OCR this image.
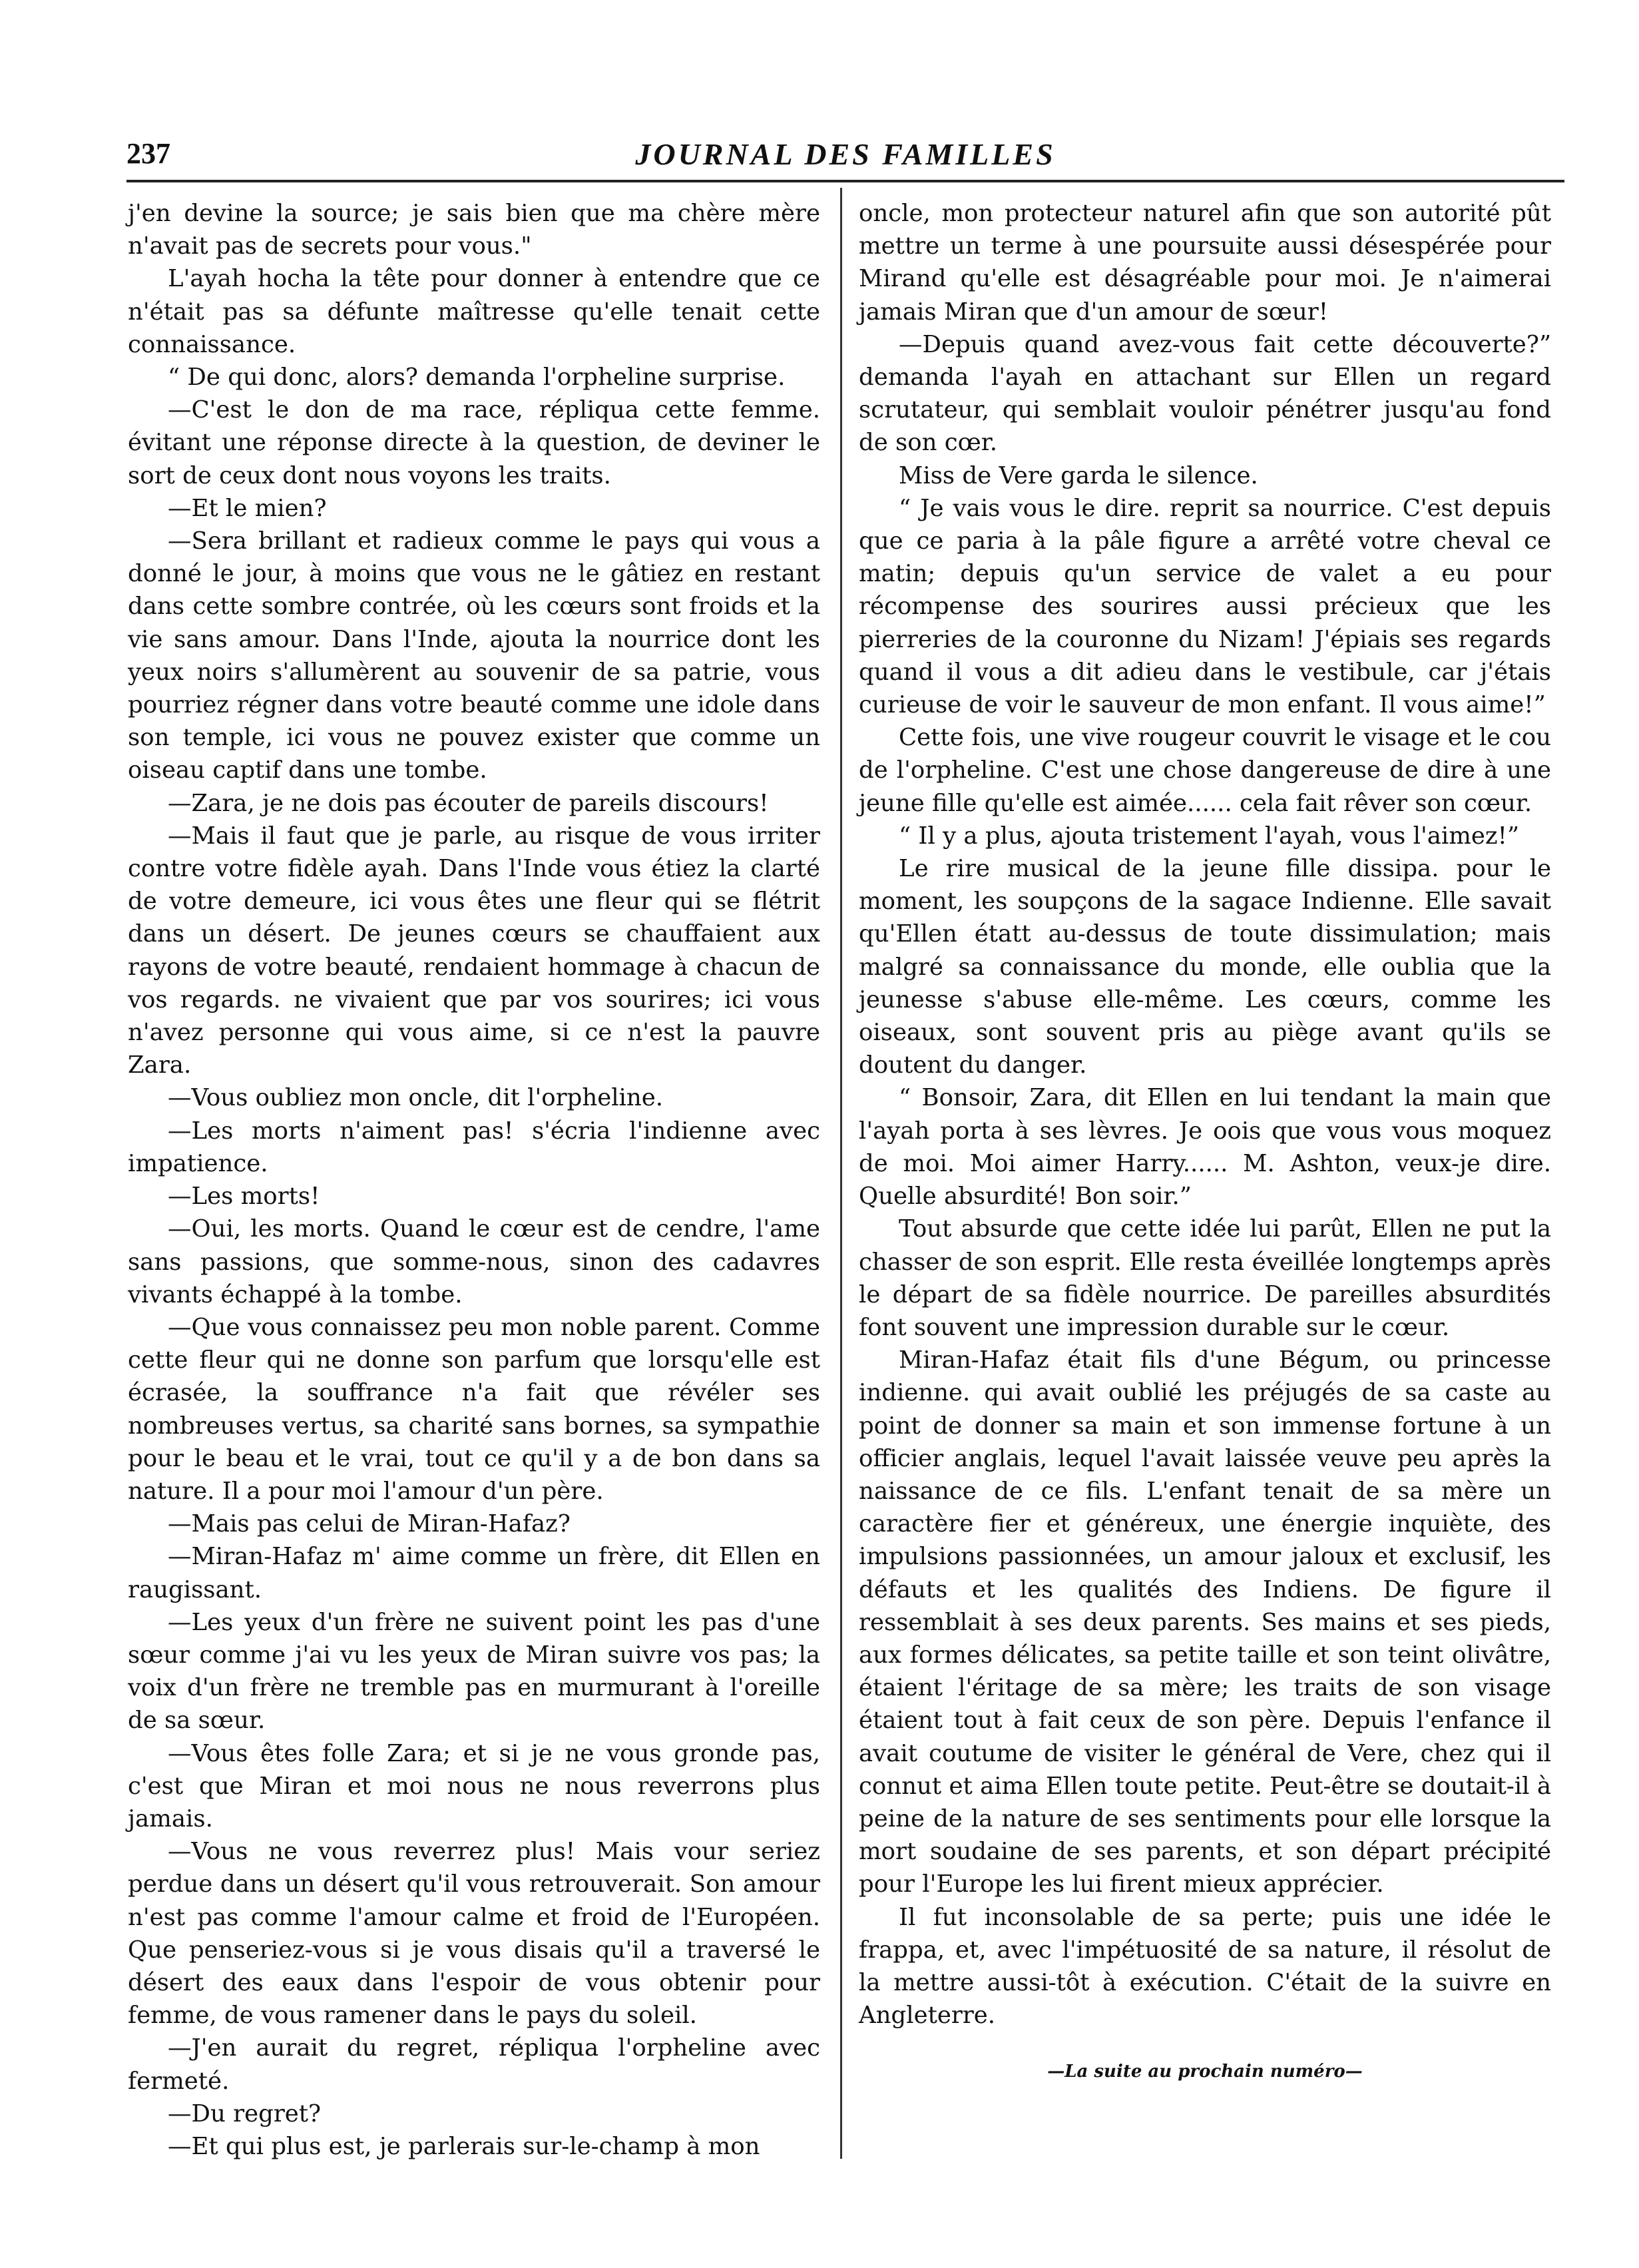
237	JOURNAL DES FAMILLES

j'en devine la source; je sais bien que ma chère mère n'avait pas de secrets pour vous."

L'ayah hocha la tête pour donner à entendre que ce n'était pas sa défunte maîtresse qu'elle tenait cette connaissance.

“ De qui donc, alors? demanda l'orpheline surprise.

—C'est le don de ma race, répliqua cette femme. évitant une réponse directe à la question, de deviner le sort de ceux dont nous voyons les traits.

—Et le mien?

—Sera brillant et radieux comme le pays qui vous a donné le jour, à moins que vous ne le gâtiez en restant dans cette sombre contrée, où les cœurs sont froids et la vie sans amour. Dans l'Inde, ajouta la nourrice dont les yeux noirs s'allumèrent au souvenir de sa patrie, vous pourriez régner dans votre beauté comme une idole dans son temple, ici vous ne pouvez exister que comme un oiseau captif dans une tombe.

—Zara, je ne dois pas écouter de pareils discours!

—Mais il faut que je parle, au risque de vous irriter contre votre fidèle ayah. Dans l'Inde vous étiez la clarté de votre demeure, ici vous êtes une fleur qui se flétrit dans un désert. De jeunes cœurs se chauffaient aux rayons de votre beauté, rendaient hommage à chacun de vos regards. ne vivaient que par vos sourires; ici vous n'avez personne qui vous aime, si ce n'est la pauvre Zara.

—Vous oubliez mon oncle, dit l'orpheline.

—Les morts n'aiment pas! s'écria l'indienne avec impatience.

—Les morts!

—Oui, les morts. Quand le cœur est de cendre, l'ame sans passions, que somme-nous, sinon des cadavres vivants échappé à la tombe.

—Que vous connaissez peu mon noble parent. Comme cette fleur qui ne donne son parfum que lorsqu'elle est écrasée, la souffrance n'a fait que révéler ses nombreuses vertus, sa charité sans bornes, sa sympathie pour le beau et le vrai, tout ce qu'il y a de bon dans sa nature. Il a pour moi l'amour d'un père.

—Mais pas celui de Miran-Hafaz?

—Miran-Hafaz m' aime comme un frère, dit Ellen en raugissant.

—Les yeux d'un frère ne suivent point les pas d'une sœur comme j'ai vu les yeux de Miran suivre vos pas; la voix d'un frère ne tremble pas en murmurant à l'oreille de sa sœur.

—Vous êtes folle Zara; et si je ne vous gronde pas, c'est que Miran et moi nous ne nous reverrons plus jamais.

—Vous ne vous reverrez plus! Mais vour seriez perdue dans un désert qu'il vous retrouverait. Son amour n'est pas comme l'amour calme et froid de l'Européen. Que penseriez-vous si je vous disais qu'il a traversé le désert des eaux dans l'espoir de vous obtenir pour femme, de vous ramener dans le pays du soleil.

—J'en aurait du regret, répliqua l'orpheline avec fermeté.

—Du regret?

—Et qui plus est, je parlerais sur-le-champ à mon

oncle, mon protecteur naturel afin que son autorité pût mettre un terme à une poursuite aussi désespérée pour Mirand qu'elle est désagréable pour moi. Je n'aimerai jamais Miran que d'un amour de sœur!

—Depuis quand avez-vous fait cette découverte?” demanda l'ayah en attachant sur Ellen un regard scrutateur, qui semblait vouloir pénétrer jusqu'au fond de son cœr.

Miss de Vere garda le silence.

“ Je vais vous le dire. reprit sa nourrice. C'est depuis que ce paria à la pâle figure a arrêté votre cheval ce matin; depuis qu'un service de valet a eu pour récompense des sourires aussi précieux que les pierreries de la couronne du Nizam! J'épiais ses regards quand il vous a dit adieu dans le vestibule, car j'étais curieuse de voir le sauveur de mon enfant. Il vous aime!”

Cette fois, une vive rougeur couvrit le visage et le cou de l'orpheline. C'est une chose dangereuse de dire à une jeune fille qu'elle est aimée...... cela fait rêver son cœur.

“ Il y a plus, ajouta tristement l'ayah, vous l'aimez!”

Le rire musical de la jeune fille dissipa. pour le moment, les soupçons de la sagace Indienne. Elle savait qu'Ellen étatt au-dessus de toute dissimulation; mais malgré sa connaissance du monde, elle oublia que la jeunesse s'abuse elle-même. Les cœurs, comme les oiseaux, sont souvent pris au piège avant qu'ils se doutent du danger.

“ Bonsoir, Zara, dit Ellen en lui tendant la main que l'ayah porta à ses lèvres. Je oois que vous vous moquez de moi. Moi aimer Harry...... M. Ashton, veux-je dire. Quelle absurdité! Bon soir.”

Tout absurde que cette idée lui parût, Ellen ne put la chasser de son esprit. Elle resta éveillée longtemps après le départ de sa fidèle nourrice. De pareilles absurdités font souvent une impression durable sur le cœur.

Miran-Hafaz était fils d'une Bégum, ou princesse indienne. qui avait oublié les préjugés de sa caste au point de donner sa main et son immense fortune à un officier anglais, lequel l'avait laissée veuve peu après la naissance de ce fils. L'enfant tenait de sa mère un caractère fier et généreux, une énergie inquiète, des impulsions passionnées, un amour jaloux et exclusif, les défauts et les qualités des Indiens. De figure il ressemblait à ses deux parents. Ses mains et ses pieds, aux formes délicates, sa petite taille et son teint olivâtre, étaient l'éritage de sa mère; les traits de son visage étaient tout à fait ceux de son père. Depuis l'enfance il avait coutume de visiter le général de Vere, chez qui il connut et aima Ellen toute petite. Peut-être se doutait-il à peine de la nature de ses sentiments pour elle lorsque la mort soudaine de ses parents, et son départ précipité pour l'Europe les lui firent mieux apprécier.

Il fut inconsolable de sa perte; puis une idée le frappa, et, avec l'impétuosité de sa nature, il résolut de la mettre aussi-tôt à exécution. C'était de la suivre en Angleterre.

—La suite au prochain numéro—
